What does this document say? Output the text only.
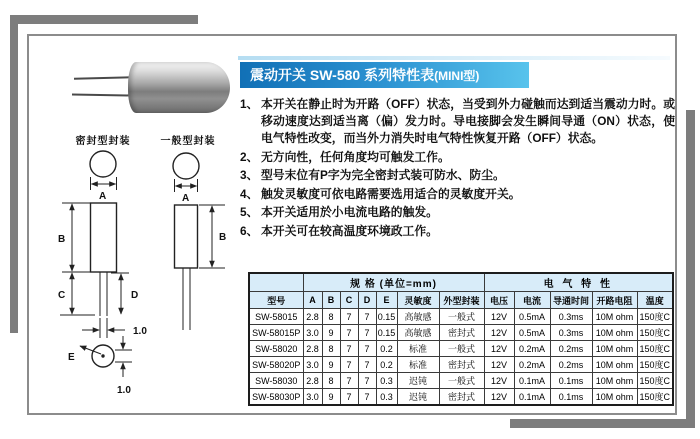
密封型封装	一般型封装
A
B
C	D
1.0
E
1.0
A
B
震动开关 SW-580 系列特性表(MINI型)
1、 本开关在静止时为开路（OFF）状态，当受到外力碰触而达到适当震动力时。或移动速度达到适当离（偏）发力时。导电接脚会发生瞬间导通（ON）状态，使电气特性改变，而当外力消失时电气特性恢复开路（OFF）状态。
2、 无方向性，任何角度均可触发工作。
3、 型号末位有P字为完全密封式装可防水、防尘。
4、 触发灵敏度可依电路需要选用适合的灵敏度开关。
5、 本开关适用於小电流电路的触发。
6、 本开关可在较高温度环境政工作。
	规 格 (单位=mm)							电 气 特 性				
型号	A	B	C	D	E	灵敏度	外型封装	电压	电流	导通时间	开路电阻	温度
SW-58015	2.8	8	7	7	0.15	高敏感	一般式	12V	0.5mA	0.3ms	10M ohm	150度C
SW-58015P	3.0	9	7	7	0.15	高敏感	密封式	12V	0.5mA	0.3ms	10M ohm	150度C
SW-58020	2.8	8	7	7	0.2	标准	一般式	12V	0.2mA	0.2ms	10M ohm	150度C
SW-58020P	3.0	9	7	7	0.2	标准	密封式	12V	0.2mA	0.2ms	10M ohm	150度C
SW-58030	2.8	8	7	7	0.3	迟钝	一般式	12V	0.1mA	0.1ms	10M ohm	150度C
SW-58030P	3.0	9	7	7	0.3	迟钝	密封式	12V	0.1mA	0.1ms	10M ohm	150度C
